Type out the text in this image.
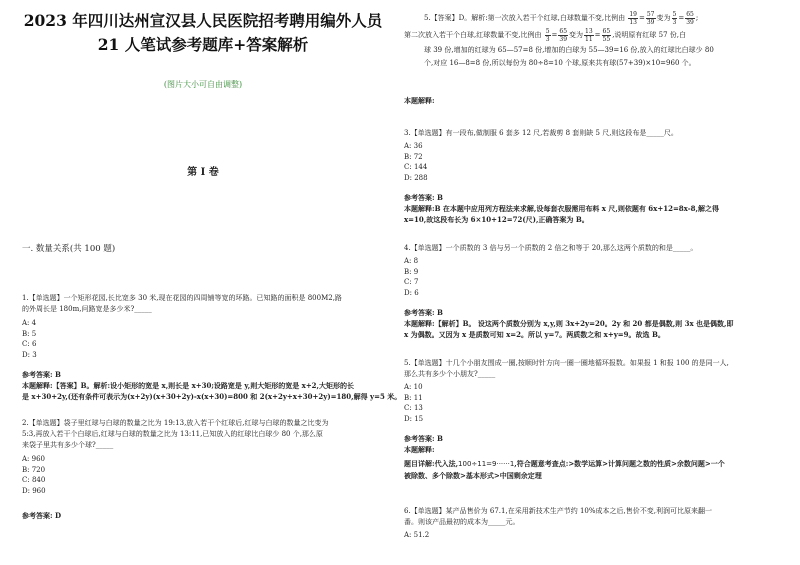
2023 年四川达州宣汉县人民医院招考聘用编外人员
21 人笔试参考题库+答案解析
(图片大小可自由调整)
第 I 卷
一. 数量关系(共 100 题)
1.【单选题】一个矩形花园,长比宽多 30 米,现在花园的四周铺等宽的环路。已知路的面积是 800M2,路
的外周长是 180m,问路宽是多少米?_____
A: 4
B: 5
C: 6
D: 3
参考答案: B
本题解释:【答案】B。解析:设小矩形的宽是 x,则长是 x+30;设路宽是 y,则大矩形的宽是 x+2,大矩形的长
是 x+30+2y,(还有条件可表示为(x+2y)(x+30+2y)-x(x+30)=800 和 2(x+2y+x+30+2y)=180,解得 y=5 米。
2.【单选题】袋子里红球与白球的数量之比为 19:13,放入若干个红球后,红球与白球的数量之比变为
5:3,再放入若干个白球后,红球与白球的数量之比为 13:11,已知放入的红球比白球少 80 个,那么原
来袋子里共有多少个球?_____
A: 960
B: 720
C: 840
D: 960
参考答案: D
5.【答案】D。解析:第一次放入若干个红球,白球数量不变,比例由 $\frac{19}{13} = \frac{57}{39}$ 变为 $\frac{5}{3} = \frac{65}{39}$ ;
第二次放入若干个白球,红球数量不变,比例由 $\frac{5}{3} = \frac{65}{39}$ 变为 $\frac{13}{11} = \frac{65}{55}$ ,说明原有红球 57 份,白
球 39 份,增加的红球为 65—57=8 份,增加的白球为 55—39=16 份,放入的红球比白球少 80
个,对应 16—8=8 份,所以每份为 80÷8=10 个球,原来共有球(57+39)×10=960 个。
本题解释:
3.【单选题】有一段布,做制服 6 套多 12 尺,若裁剪 8 套则缺 5 尺,则这段布是_____尺。
A: 36
B: 72
C: 144
D: 288
参考答案: B
本题解释:B 在本题中应用列方程法来求解,设每套衣服需用布料 x 尺,则依题有 6x+12=8x-8,解之得
x=10,故这段布长为 6×10+12=72(尺),正确答案为 B。
4.【单选题】一个质数的 3 倍与另一个质数的 2 倍之和等于 20,那么这两个质数的和是_____。
A: 8
B: 9
C: 7
D: 6
参考答案: B
本题解释:【解析】B。 设这两个质数分别为 x,y,则 3x+2y=20。2y 和 20 都是偶数,则 3x 也是偶数,即
x 为偶数。又因为 x 是质数可知 x=2。所以 y=7。两质数之和 x+y=9。故选 B。
5.【单选题】十几个小朋友围成一圈,按顺时针方向一圈一圈地循环报数。如果报 1 和报 100 的是同一人,
那么共有多少个小朋友?_____
A: 10
B: 11
C: 13
D: 15
参考答案: B
本题解释:
题目详解:代入法,100÷11=9······1,符合题意考查点:>数学运算>计算问题之数的性质>余数问题>一个
被除数、多个除数>基本形式>中国剩余定理
6.【单选题】某产品售价为 67.1,在采用新技术生产节约 10%成本之后,售价不变,利润可比原来翻一
番。则该产品最初的成本为_____元。
A: 51.2
